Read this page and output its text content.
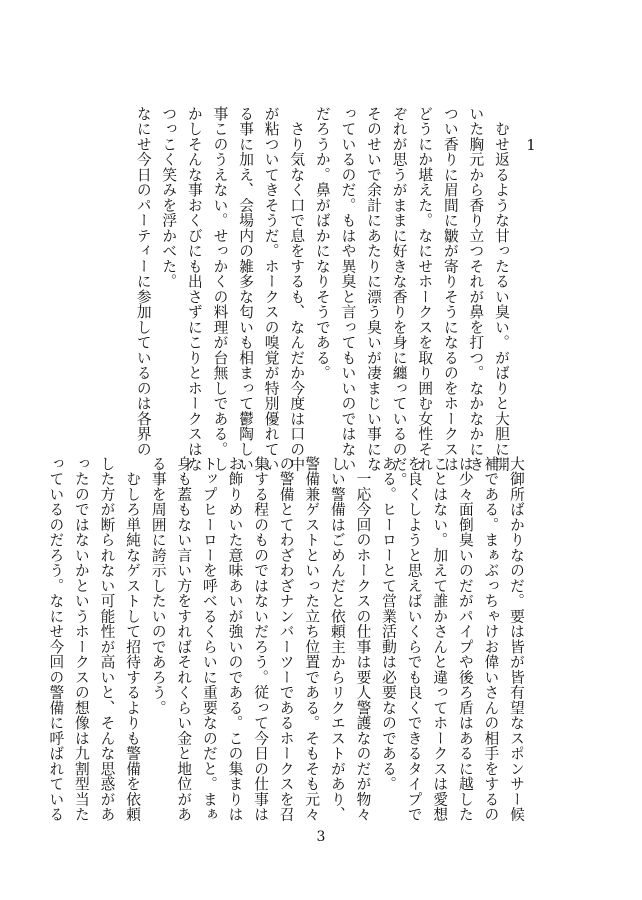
1

　むせ返るような甘ったるい臭い。がばりと大胆に開

いた胸元から香り立つそれが鼻を打つ。なかなかにき

つい香りに眉間に皺が寄りそうになるのをホークスは

どうにか堪えた。なにせホークスを取り囲む女性それ

ぞれが思うがままに好きな香りを身に纏っているのだ。

そのせいで余計にあたりに漂う臭いが凄まじい事にな

っているのだ。もはや異臭と言ってもいいのではない

だろうか。鼻がばかになりそうである。

　さり気なく口で息をするも、なんだか今度は口の中

が粘ついてきそうだ。ホークスの嗅覚が特別優れてい

る事に加え、会場内の雑多な匂いも相まって鬱陶しい

事このうえない。せっかくの料理が台無しである。し

かしそんな事おくびにも出さずにこりとホークスはな

つっこく笑みを浮かべた。

なにせ今日のパーティーに参加しているのは各界の

大御所ばかりなのだ。要は皆が皆有望なスポンサー候

補である。まぁぶっちゃけお偉いさんの相手をするの

は少々面倒臭いのだがパイプや後ろ盾はあるに越した

ことはない。加えて誰かさんと違ってホークスは愛想

を良くしようと思えばいくらでも良くできるタイプで

ある。ヒーローとて営業活動は必要なのである。

　一応今回のホークスの仕事は要人警護なのだが物々

しい警備はごめんだと依頼主からリクエストがあり、

警備兼ゲストといった立ち位置である。そもそも元々

の警備とてわざわざナンバーツーであるホークスを召

集する程のものではないだろう。従って今日の仕事は

お飾りめいた意味あいが強いのである。この集まりは

トップヒーローを呼べるくらいに重要なのだと。まぁ

身も蓋もない言い方をすればそれくらい金と地位があ

る事を周囲に誇示したいのであろう。

　むしろ単純なゲストして招待するよりも警備を依頼

した方が断られない可能性が高いと、そんな思惑があ

ったのではないかというホークスの想像は九割型当た

っているのだろう。なにせ今回の警備に呼ばれている

3
